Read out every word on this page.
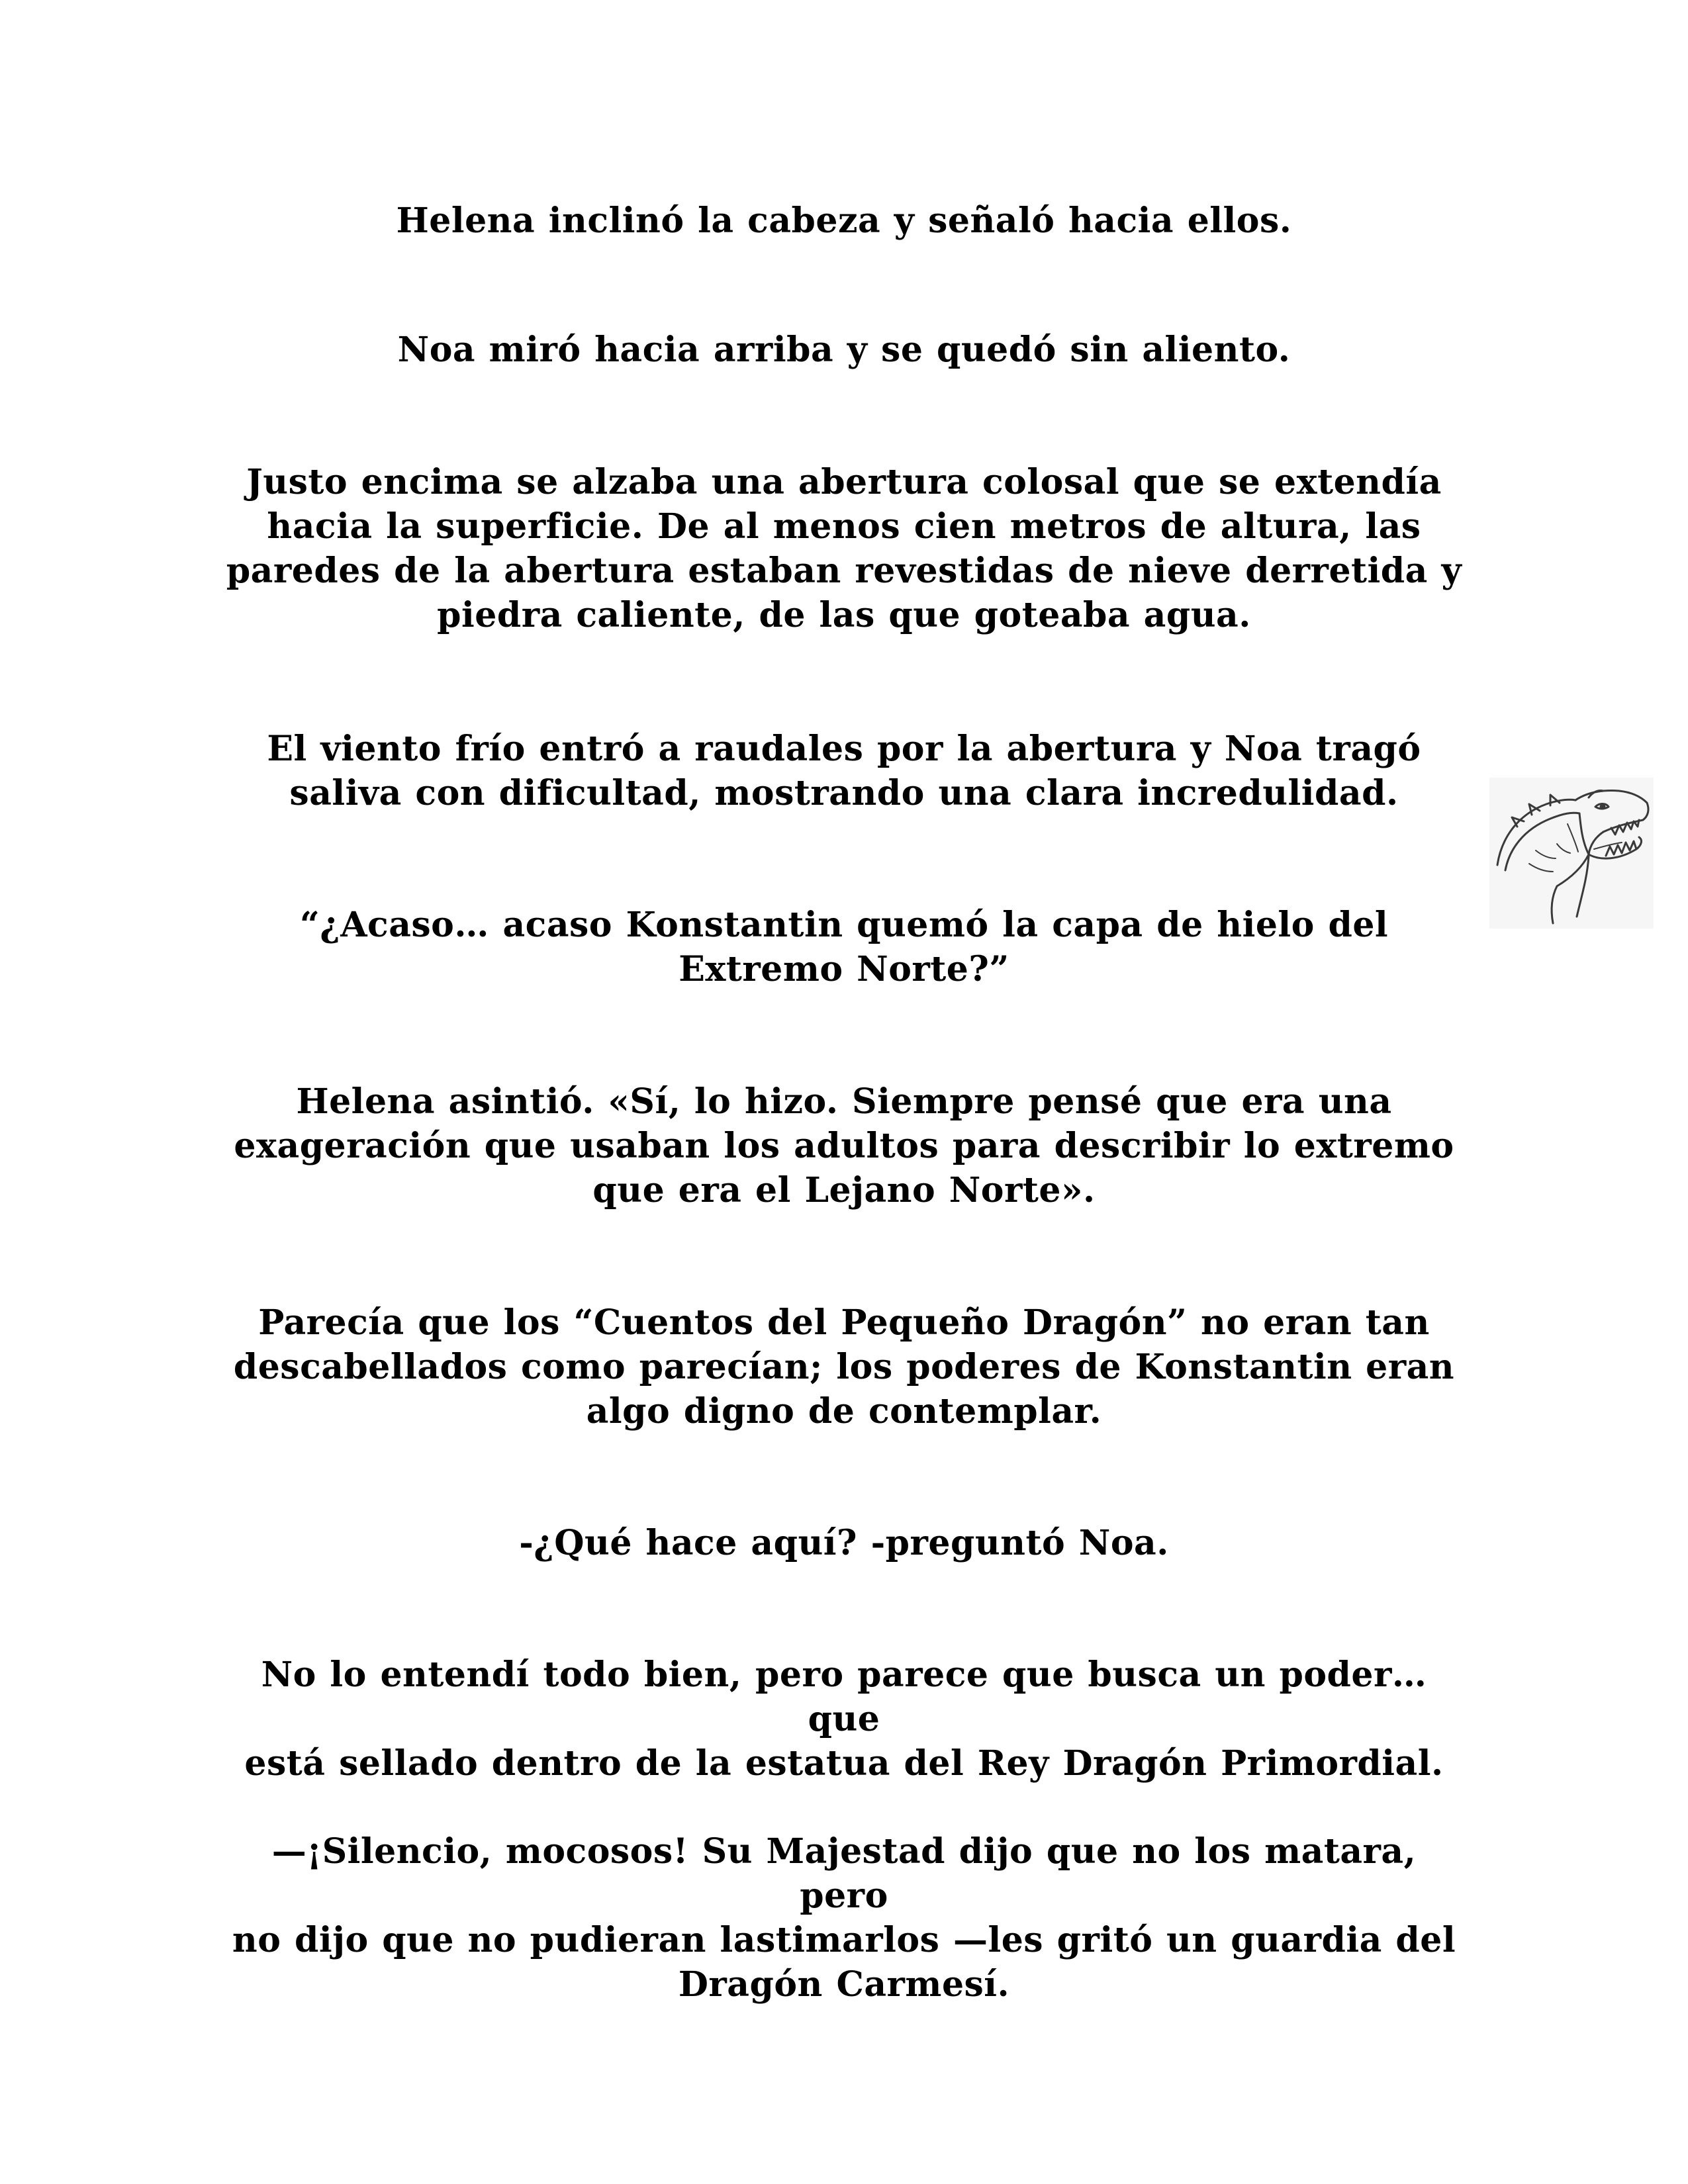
Helena inclinó la cabeza y señaló hacia ellos.

Noa miró hacia arriba y se quedó sin aliento.

Justo encima se alzaba una abertura colosal que se extendía
hacia la superficie. De al menos cien metros de altura, las
paredes de la abertura estaban revestidas de nieve derretida y
piedra caliente, de las que goteaba agua.

El viento frío entró a raudales por la abertura y Noa tragó
saliva con dificultad, mostrando una clara incredulidad.

“¿Acaso… acaso Konstantin quemó la capa de hielo del
Extremo Norte?”

Helena asintió. «Sí, lo hizo. Siempre pensé que era una
exageración que usaban los adultos para describir lo extremo
que era el Lejano Norte».

Parecía que los “Cuentos del Pequeño Dragón” no eran tan
descabellados como parecían; los poderes de Konstantin eran
algo digno de contemplar.

-¿Qué hace aquí? -preguntó Noa.

No lo entendí todo bien, pero parece que busca un poder… que
está sellado dentro de la estatua del Rey Dragón Primordial.

—¡Silencio, mocosos! Su Majestad dijo que no los matara, pero
no dijo que no pudieran lastimarlos —les gritó un guardia del
Dragón Carmesí.
